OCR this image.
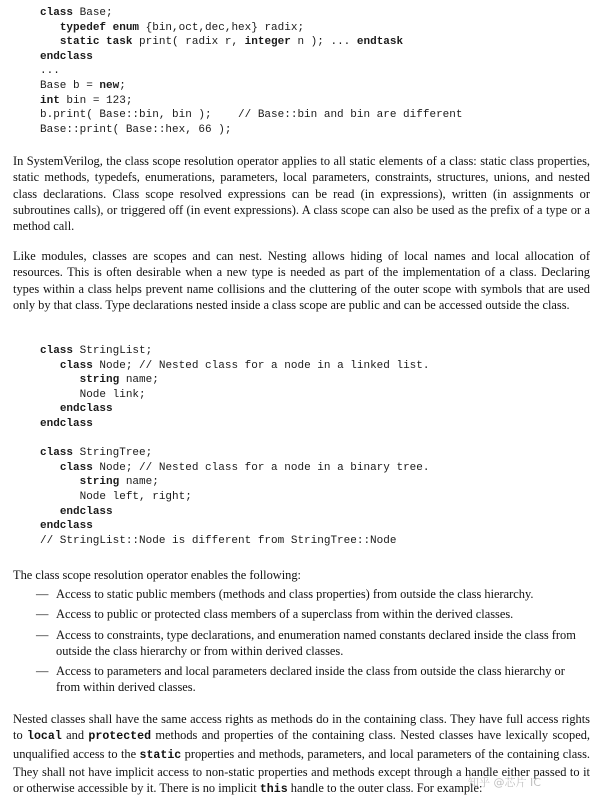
class Base;
typedef enum {bin,oct,dec,hex} radix;
static task print( radix r, integer n ); ... endtask
endclass
...
Base b = new;
int bin = 123;
b.print( Base::bin, bin );    // Base::bin and bin are different
Base::print( Base::hex, 66 );

In SystemVerilog, the class scope resolution operator applies to all static elements of a class: static class properties, static methods, typedefs, enumerations, parameters, local parameters, constraints, structures, unions, and nested class declarations. Class scope resolved expressions can be read (in expressions), written (in assignments or subroutines calls), or triggered off (in event expressions). A class scope can also be used as the prefix of a type or a method call.

Like modules, classes are scopes and can nest. Nesting allows hiding of local names and local allocation of resources. This is often desirable when a new type is needed as part of the implementation of a class. Declaring types within a class helps prevent name collisions and the cluttering of the outer scope with symbols that are used only by that class. Type declarations nested inside a class scope are public and can be accessed outside the class.

class StringList;
class Node; // Nested class for a node in a linked list.
string name;
Node link;
endclass
endclass

class StringTree;
class Node; // Nested class for a node in a binary tree.
string name;
Node left, right;
endclass
endclass
// StringList::Node is different from StringTree::Node

The class scope resolution operator enables the following:

— Access to static public members (methods and class properties) from outside the class hierarchy.
— Access to public or protected class members of a superclass from within the derived classes.
— Access to constraints, type declarations, and enumeration named constants declared inside the class from outside the class hierarchy or from within derived classes.
— Access to parameters and local parameters declared inside the class from outside the class hierarchy or from within derived classes.

Nested classes shall have the same access rights as methods do in the containing class. They have full access rights to local and protected methods and properties of the containing class. Nested classes have lexically scoped, unqualified access to the static properties and methods, parameters, and local parameters of the containing class. They shall not have implicit access to non-static properties and methods except through a handle either passed to it or otherwise accessible by it. There is no implicit this handle to the outer class. For example:

知乎 @芯片 IC
